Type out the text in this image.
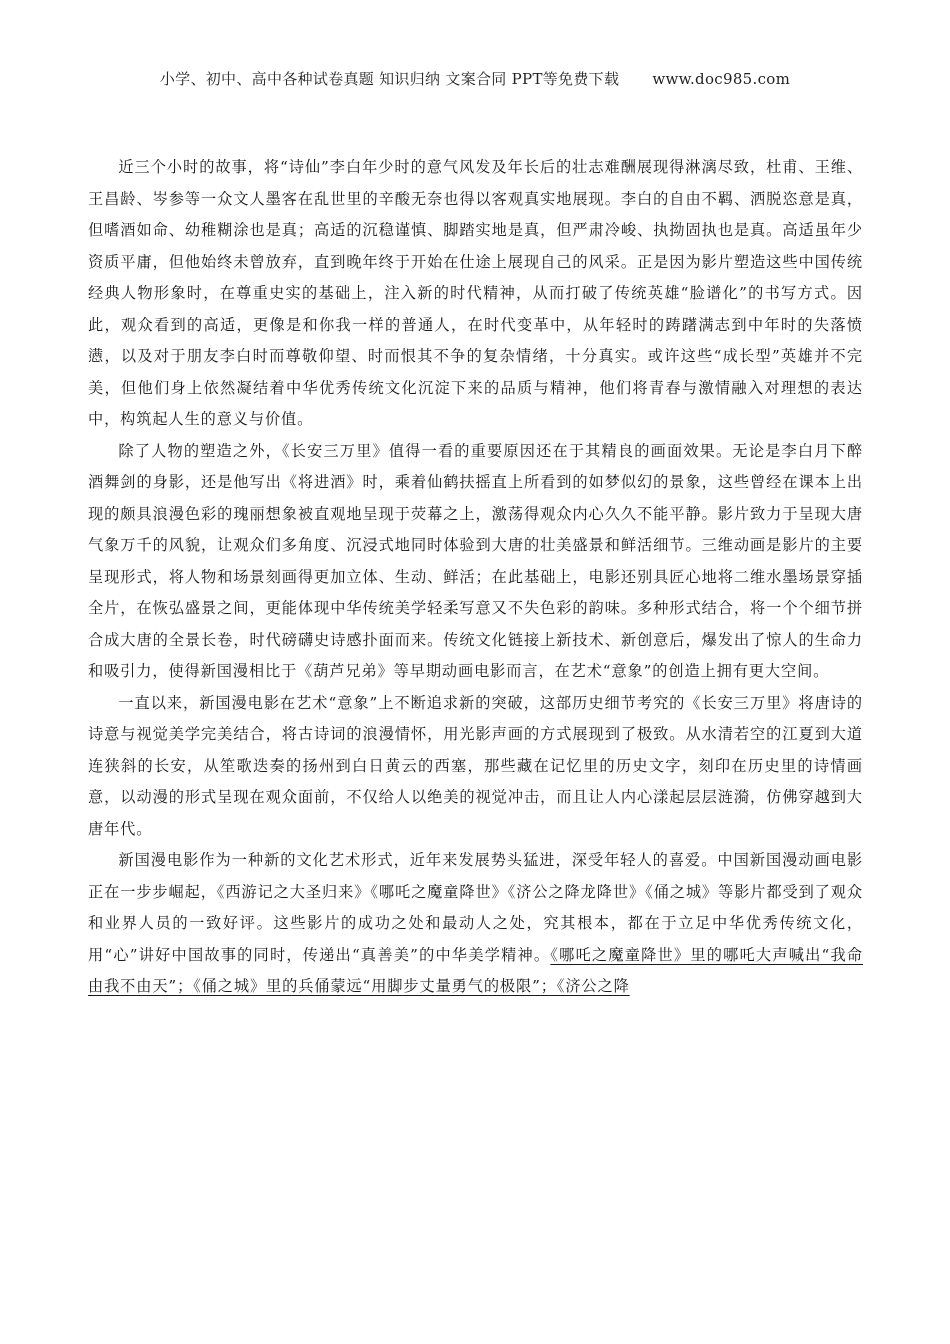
小学、初中、高中各种试卷真题 知识归纳 文案合同 PPT等免费下载 www.doc985.com

近三个小时的故事，将“诗仙”李白年少时的意气风发及年长后的壮志难酬展现得淋漓尽致，杜甫、王维、王昌龄、岑参等一众文人墨客在乱世里的辛酸无奈也得以客观真实地展现。李白的自由不羁、洒脱恣意是真，但嗜酒如命、幼稚糊涂也是真；高适的沉稳谨慎、脚踏实地是真，但严肃冷峻、执拗固执也是真。高适虽年少资质平庸，但他始终未曾放弃，直到晚年终于开始在仕途上展现自己的风采。正是因为影片塑造这些中国传统经典人物形象时，在尊重史实的基础上，注入新的时代精神，从而打破了传统英雄“脸谱化”的书写方式。因此，观众看到的高适，更像是和你我一样的普通人，在时代变革中，从年轻时的踌躇满志到中年时的失落愤懑，以及对于朋友李白时而尊敬仰望、时而恨其不争的复杂情绪，十分真实。或许这些“成长型”英雄并不完美，但他们身上依然凝结着中华优秀传统文化沉淀下来的品质与精神，他们将青春与激情融入对理想的表达中，构筑起人生的意义与价值。

除了人物的塑造之外，《长安三万里》值得一看的重要原因还在于其精良的画面效果。无论是李白月下醉酒舞剑的身影，还是他写出《将进酒》时，乘着仙鹤扶摇直上所看到的如梦似幻的景象，这些曾经在课本上出现的颇具浪漫色彩的瑰丽想象被直观地呈现于荧幕之上，激荡得观众内心久久不能平静。影片致力于呈现大唐气象万千的风貌，让观众们多角度、沉浸式地同时体验到大唐的壮美盛景和鲜活细节。三维动画是影片的主要呈现形式，将人物和场景刻画得更加立体、生动、鲜活；在此基础上，电影还别具匠心地将二维水墨场景穿插全片，在恢弘盛景之间，更能体现中华传统美学轻柔写意又不失色彩的韵味。多种形式结合，将一个个细节拼合成大唐的全景长卷，时代磅礴史诗感扑面而来。传统文化链接上新技术、新创意后，爆发出了惊人的生命力和吸引力，使得新国漫相比于《葫芦兄弟》等早期动画电影而言，在艺术“意象”的创造上拥有更大空间。

一直以来，新国漫电影在艺术“意象”上不断追求新的突破，这部历史细节考究的《长安三万里》将唐诗的诗意与视觉美学完美结合，将古诗词的浪漫情怀，用光影声画的方式展现到了极致。从水清若空的江夏到大道连狭斜的长安，从笙歌迭奏的扬州到白日黄云的西塞，那些藏在记忆里的历史文字，刻印在历史里的诗情画意，以动漫的形式呈现在观众面前，不仅给人以绝美的视觉冲击，而且让人内心漾起层层涟漪，仿佛穿越到大唐年代。

新国漫电影作为一种新的文化艺术形式，近年来发展势头猛进，深受年轻人的喜爱。中国新国漫动画电影正在一步步崛起，《西游记之大圣归来》《哪吒之魔童降世》《济公之降龙降世》《俑之城》等影片都受到了观众和业界人员的一致好评。这些影片的成功之处和最动人之处，究其根本，都在于立足中华优秀传统文化，用“心”讲好中国故事的同时，传递出“真善美”的中华美学精神。《哪吒之魔童降世》里的哪吒大声喊出“我命由我不由天”；《俑之城》里的兵俑蒙远“用脚步丈量勇气的极限”；《济公之降
